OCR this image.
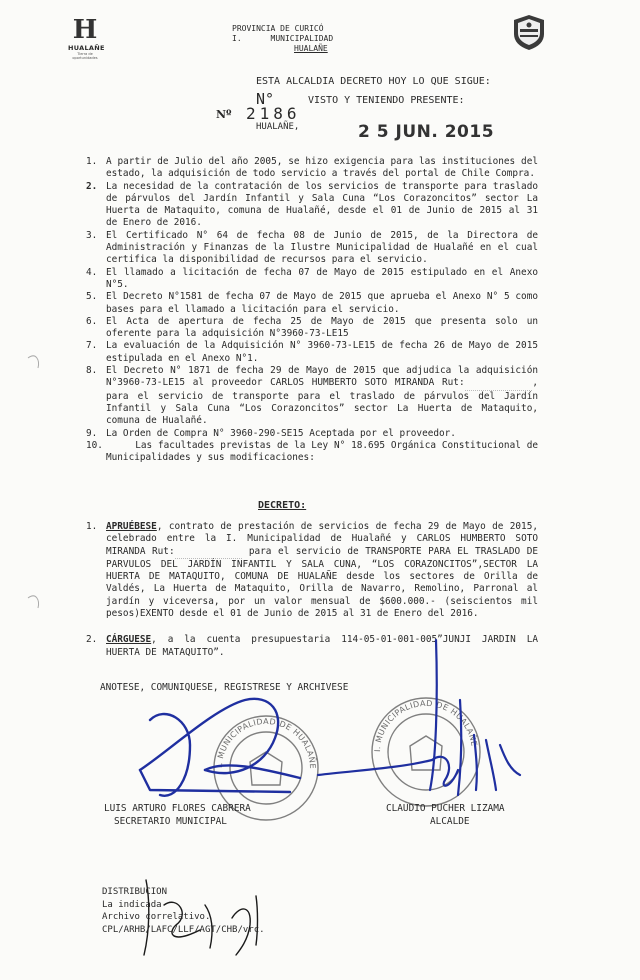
H
HUALAÑE
Tierra de oportunidades
PROVINCIA DE CURICÓ
I.      MUNICIPALIDAD
HUALAÑE
ESTA ALCALDIA DECRETO HOY LO QUE SIGUE:
N°	VISTO Y TENIENDO PRESENTE:
Nº 2186
HUALAÑE,	2 5 JUN. 2015
1. A partir de Julio del año 2005, se hizo exigencia para las instituciones del estado, la adquisición de todo servicio a través del portal de Chile Compra.
2. La necesidad de la contratación de los servicios de transporte para traslado de párvulos del Jardín Infantil y Sala Cuna “Los Corazoncitos” sector La Huerta de Mataquito, comuna de Hualañé, desde el 01 de Junio de 2015 al 31 de Enero de 2016.
3. El Certificado N° 64 de fecha 08 de Junio de 2015, de la Directora de Administración y Finanzas de la Ilustre Municipalidad de Hualañé en el cual certifica la disponibilidad de recursos para el servicio.
4. El llamado a licitación de fecha 07 de Mayo de 2015 estipulado en el Anexo N°5.
5. El Decreto N°1581 de fecha 07 de Mayo de 2015 que aprueba el Anexo N° 5 como bases para el llamado a licitación para el servicio.
6. El Acta de apertura de fecha 25 de Mayo de 2015 que presenta solo un oferente para la adquisición N°3960-73-LE15
7. La evaluación de la Adquisición N° 3960-73-LE15 de fecha 26 de Mayo de 2015 estipulada en el Anexo N°1.
8. El Decreto N° 1871 de fecha 29 de Mayo de 2015 que adjudica la adquisición N°3960-73-LE15 al proveedor CARLOS HUMBERTO SOTO MIRANDA Rut:	, para el servicio de transporte para el traslado de párvulos del Jardín Infantil y Sala Cuna “Los Corazoncitos” sector La Huerta de Mataquito, comuna de Hualañé.
9. La Orden de Compra N° 3960-290-SE15 Aceptada por el proveedor.
10. Las facultades previstas de la Ley N° 18.695 Orgánica Constitucional de Municipalidades y sus modificaciones:
DECRETO:
1. APRUÉBESE, contrato de prestación de servicios de fecha 29 de Mayo de 2015, celebrado entre la I. Municipalidad de Hualañé y CARLOS HUMBERTO SOTO MIRANDA Rut:	para el servicio de TRANSPORTE PARA EL TRASLADO DE PARVULOS DEL JARDÍN INFANTIL Y SALA CUNA, “LOS CORAZONCITOS”,SECTOR LA HUERTA DE MATAQUITO, COMUNA DE HUALAÑE desde los sectores de Orilla de Valdés, La Huerta de Mataquito, Orilla de Navarro, Remolino, Parronal al jardín y viceversa, por un valor mensual de $600.000.- (seiscientos mil pesos)EXENTO desde el 01 de Junio de 2015 al 31 de Enero del 2016.
2. CÁRGUESE, a la cuenta presupuestaria 114-05-01-001-005”JUNJI JARDIN LA HUERTA DE MATAQUITO”.
ANOTESE, COMUNIQUESE, REGISTRESE Y ARCHIVESE
I. MUNICIPALIDAD DE HUALAÑE
I. MUNICIPALIDAD DE HUALAÑE
LUIS ARTURO FLORES CABRERA
SECRETARIO MUNICIPAL
CLAUDIO PUCHER LIZAMA
ALCALDE
DISTRIBUCION
La indicada
Archivo correlativo.
CPL/ARHB/LAFC/LLF/AGT/CHB/vrc.
